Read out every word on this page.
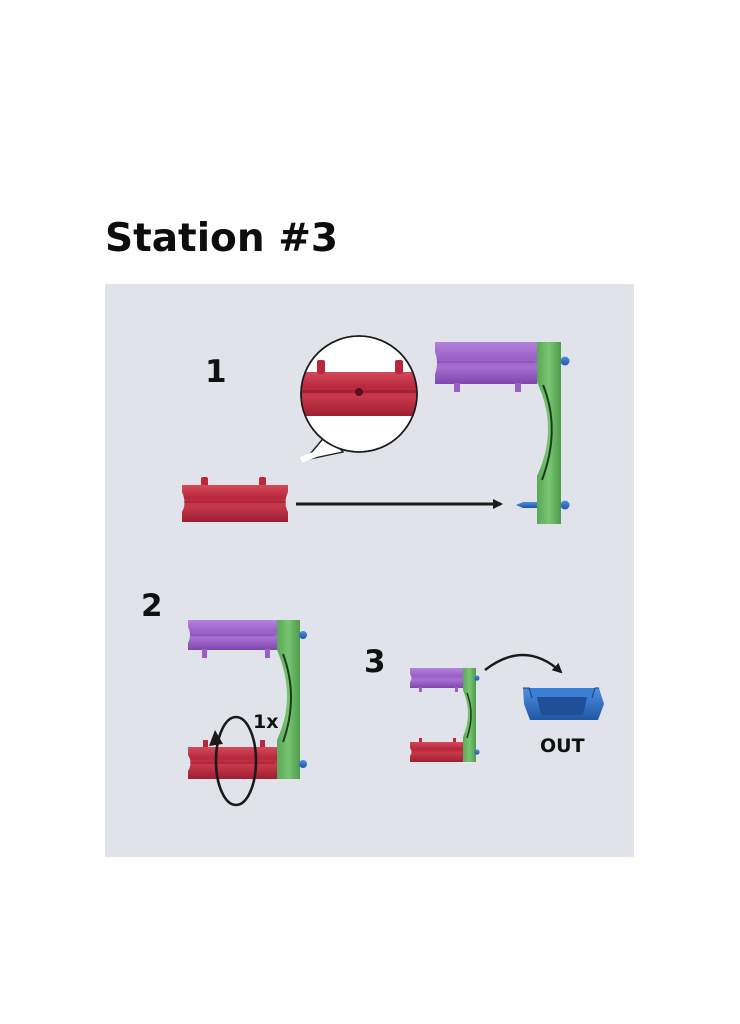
Station #3
1
2
1x
3
OUT
